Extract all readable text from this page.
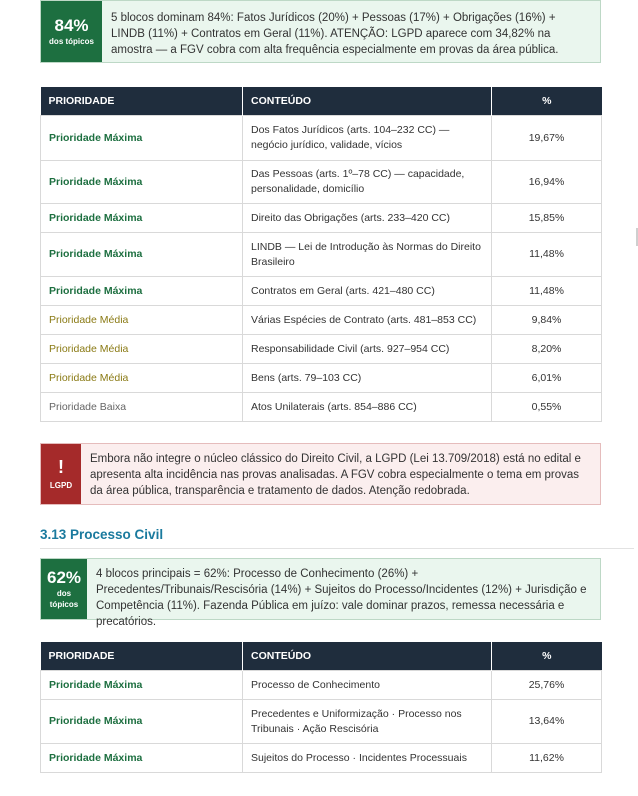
84%
dos tópicos
5 blocos dominam 84%: Fatos Jurídicos (20%) + Pessoas (17%) + Obrigações (16%) + LINDB (11%) + Contratos em Geral (11%). ATENÇÃO: LGPD aparece com 34,82% na amostra — a FGV cobra com alta frequência especialmente em provas da área pública.
PRIORIDADE	CONTEÚDO	%
Prioridade Máxima	Dos Fatos Jurídicos (arts. 104–232 CC) — negócio jurídico, validade, vícios	19,67%
Prioridade Máxima	Das Pessoas (arts. 1º–78 CC) — capacidade, personalidade, domicílio	16,94%
Prioridade Máxima	Direito das Obrigações (arts. 233–420 CC)	15,85%
Prioridade Máxima	LINDB — Lei de Introdução às Normas do Direito Brasileiro	11,48%
Prioridade Máxima	Contratos em Geral (arts. 421–480 CC)	11,48%
Prioridade Média	Várias Espécies de Contrato (arts. 481–853 CC)	9,84%
Prioridade Média	Responsabilidade Civil (arts. 927–954 CC)	8,20%
Prioridade Média	Bens (arts. 79–103 CC)	6,01%
Prioridade Baixa	Atos Unilaterais (arts. 854–886 CC)	0,55%
!
LGPD
Embora não integre o núcleo clássico do Direito Civil, a LGPD (Lei 13.709/2018) está no edital e apresenta alta incidência nas provas analisadas. A FGV cobra especialmente o tema em provas da área pública, transparência e tratamento de dados. Atenção redobrada.
3.13 Processo Civil
62%
dos
tópicos
4 blocos principais = 62%: Processo de Conhecimento (26%) + Precedentes/Tribunais/Rescisória (14%) + Sujeitos do Processo/Incidentes (12%) + Jurisdição e Competência (11%). Fazenda Pública em juízo: vale dominar prazos, remessa necessária e precatórios.
PRIORIDADE	CONTEÚDO	%
Prioridade Máxima	Processo de Conhecimento	25,76%
Prioridade Máxima	Precedentes e Uniformização · Processo nos Tribunais · Ação Rescisória	13,64%
Prioridade Máxima	Sujeitos do Processo · Incidentes Processuais	11,62%
